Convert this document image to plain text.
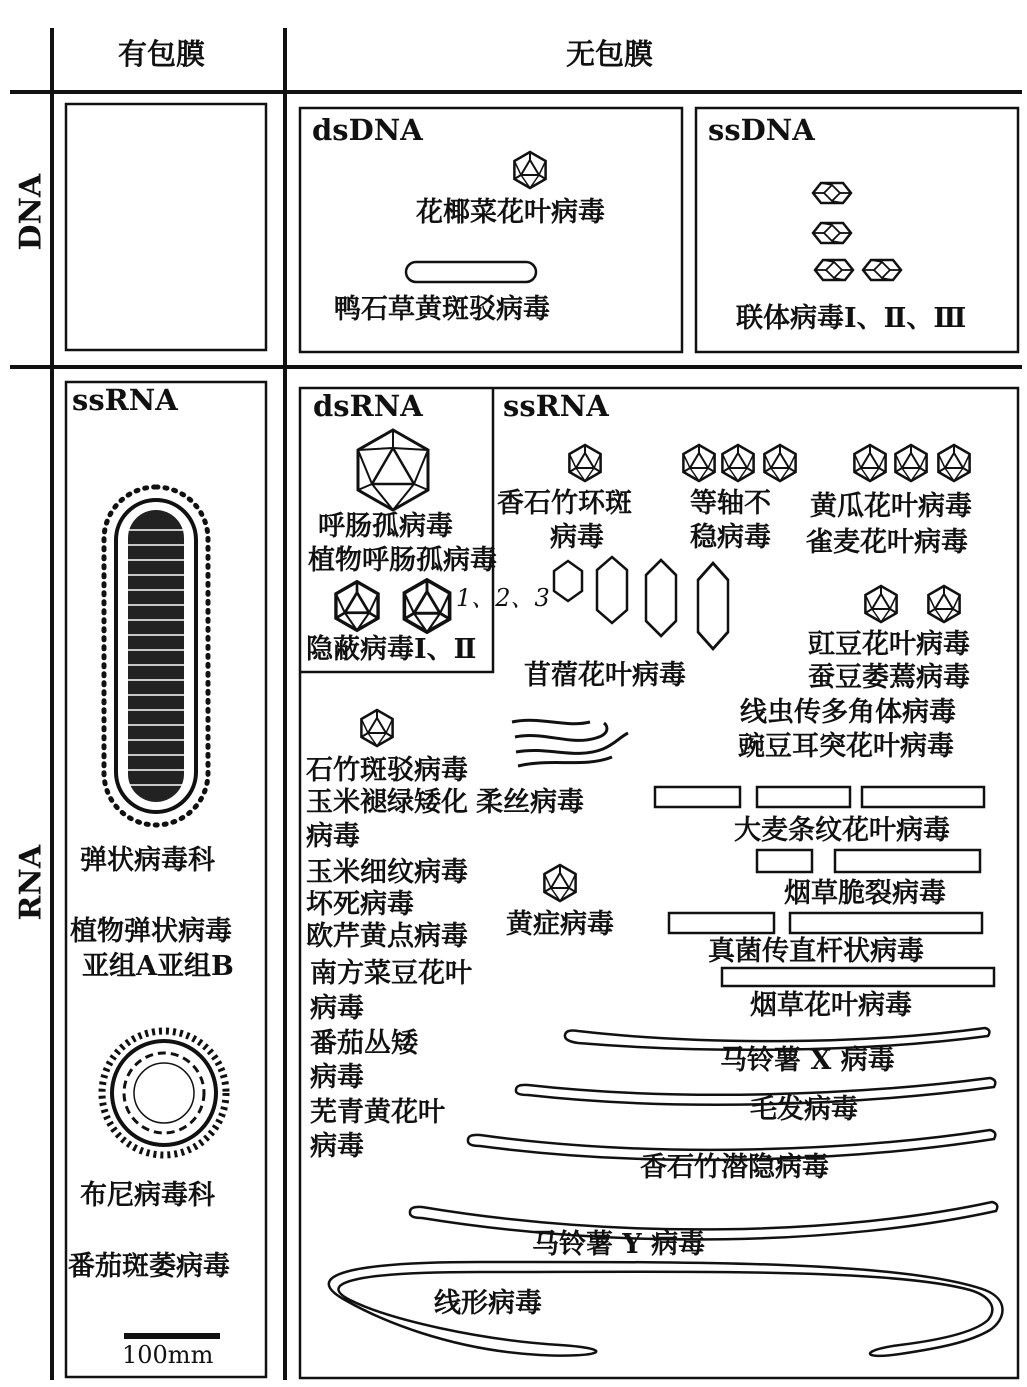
有包膜	无包膜
DNA
RNA
dsDNA
花椰菜花叶病毒
鸭石草黄斑驳病毒
ssDNA
联体病毒Ⅰ、Ⅱ、Ⅲ
ssRNA
弹状病毒科
植物弹状病毒
亚组A亚组B
布尼病毒科
番茄斑萎病毒
100mm
dsRNA
呼肠孤病毒
植物呼肠孤病毒
1、2、3
隐蔽病毒Ⅰ、Ⅱ
ssRNA
香石竹环斑
病毒
等轴不
稳病毒
黄瓜花叶病毒
雀麦花叶病毒
苜蓿花叶病毒
豇豆花叶病毒
蚕豆萎蔫病毒
线虫传多角体病毒
豌豆耳突花叶病毒
石竹斑驳病毒
玉米褪绿矮化 柔丝病毒
病毒	大麦条纹花叶病毒
玉米细纹病毒
坏死病毒
黄症病毒
烟草脆裂病毒
欧芹黄点病毒	真菌传直杆状病毒
南方菜豆花叶
病毒	烟草花叶病毒
番茄丛矮
病毒
马铃薯 X 病毒
芜青黄花叶
病毒
毛发病毒
香石竹潜隐病毒
马铃薯 Y 病毒
线形病毒
